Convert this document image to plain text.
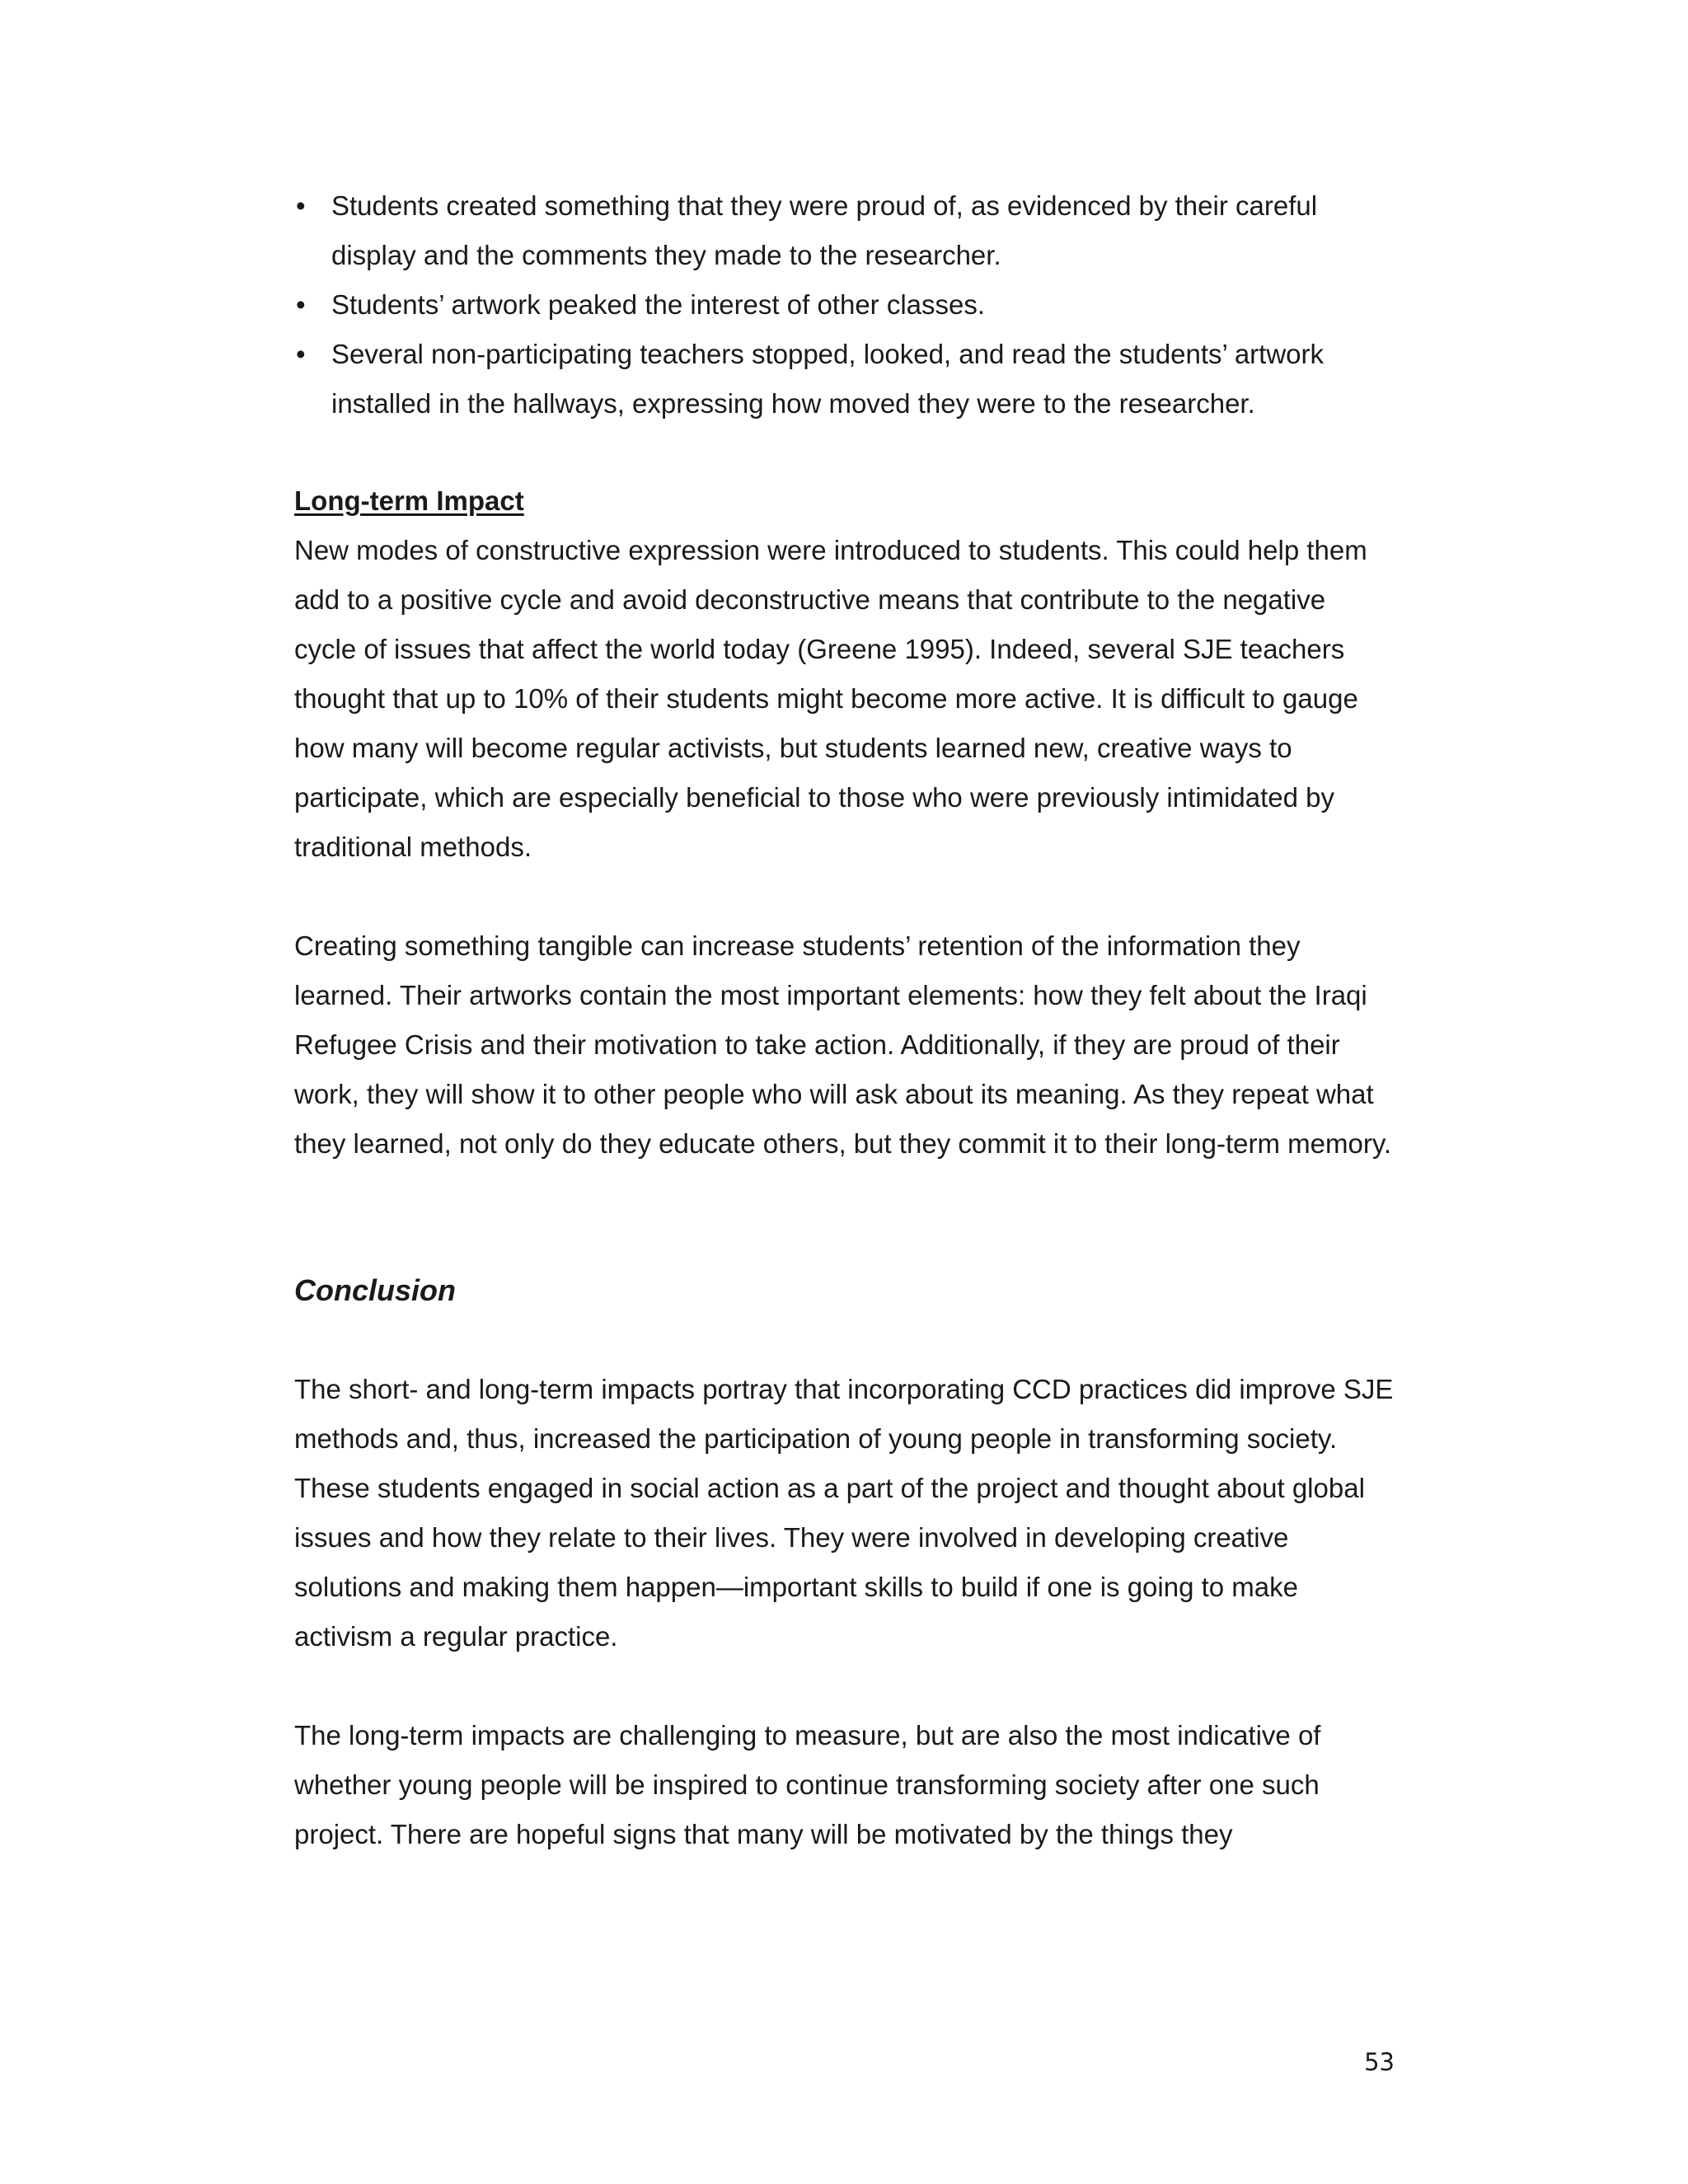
• Students created something that they were proud of, as evidenced by their careful display and the comments they made to the researcher.
• Students’ artwork peaked the interest of other classes.
• Several non-participating teachers stopped, looked, and read the students’ artwork installed in the hallways, expressing how moved they were to the researcher.

Long-term Impact

New modes of constructive expression were introduced to students. This could help them add to a positive cycle and avoid deconstructive means that contribute to the negative cycle of issues that affect the world today (Greene 1995). Indeed, several SJE teachers thought that up to 10% of their students might become more active. It is difficult to gauge how many will become regular activists, but students learned new, creative ways to participate, which are especially beneficial to those who were previously intimidated by traditional methods.

Creating something tangible can increase students’ retention of the information they learned. Their artworks contain the most important elements: how they felt about the Iraqi Refugee Crisis and their motivation to take action. Additionally, if they are proud of their work, they will show it to other people who will ask about its meaning. As they repeat what they learned, not only do they educate others, but they commit it to their long-term memory.

Conclusion

The short- and long-term impacts portray that incorporating CCD practices did improve SJE methods and, thus, increased the participation of young people in transforming society. These students engaged in social action as a part of the project and thought about global issues and how they relate to their lives. They were involved in developing creative solutions and making them happen—important skills to build if one is going to make activism a regular practice.

The long-term impacts are challenging to measure, but are also the most indicative of whether young people will be inspired to continue transforming society after one such project. There are hopeful signs that many will be motivated by the things they

53
